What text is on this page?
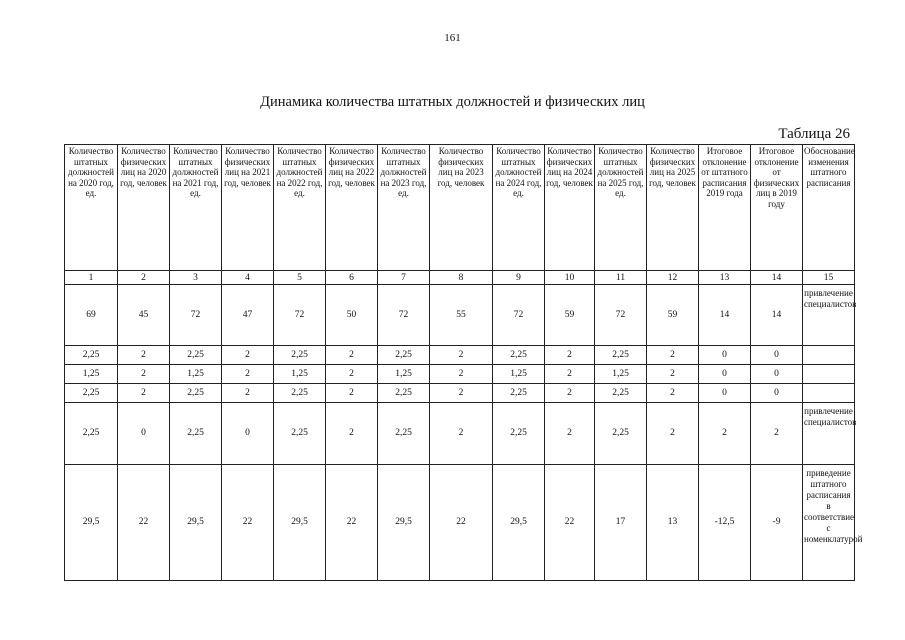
161
Динамика количества штатных должностей и физических лиц
Таблица 26
Количество штатных должностей на 2020 год, ед.	Количество физических лиц на 2020 год, человек	Количество штатных должностей на 2021 год, ед.	Количество физических лиц на 2021 год, человек	Количество штатных должностей на 2022 год, ед.	Количество физических лиц на 2022 год, человек	Количество штатных должностей на 2023 год, ед.	Количество физических лиц на 2023 год, человек	Количество штатных должностей на 2024 год, ед.	Количество физических лиц на 2024 год, человек	Количество штатных должностей на 2025 год, ед.	Количество физических лиц на 2025 год, человек	Итоговое отклонение от штатного расписания 2019 года	Итоговое отклонение от физических лиц в 2019 году	Обоснование изменения штатного расписания
1	2	3	4	5	6	7	8	9	10	11	12	13	14	15
69	45	72	47	72	50	72	55	72	59	72	59	14	14	привлечение специалистов
2,25	2	2,25	2	2,25	2	2,25	2	2,25	2	2,25	2	0	0	
1,25	2	1,25	2	1,25	2	1,25	2	1,25	2	1,25	2	0	0	
2,25	2	2,25	2	2,25	2	2,25	2	2,25	2	2,25	2	0	0	
2,25	0	2,25	0	2,25	2	2,25	2	2,25	2	2,25	2	2	2	привлечение специалистов
29,5	22	29,5	22	29,5	22	29,5	22	29,5	22	17	13	-12,5	-9	приведение штатного расписания в соответствие с номенклатурой
